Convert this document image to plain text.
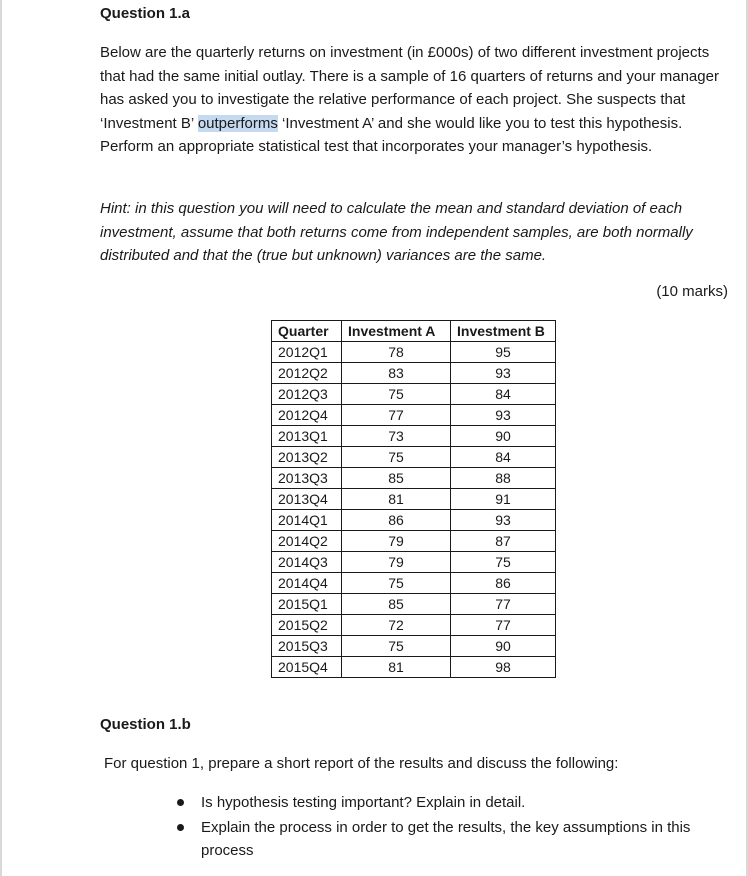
Question 1.a
Below are the quarterly returns on investment (in £000s) of two different investment projects that had the same initial outlay. There is a sample of 16 quarters of returns and your manager has asked you to investigate the relative performance of each project. She suspects that ‘Investment B’ outperforms ‘Investment A’ and she would like you to test this hypothesis. Perform an appropriate statistical test that incorporates your manager’s hypothesis.
Hint: in this question you will need to calculate the mean and standard deviation of each investment, assume that both returns come from independent samples, are both normally distributed and that the (true but unknown) variances are the same.
(10 marks)
Quarter	Investment A	Investment B
2012Q1	78	95
2012Q2	83	93
2012Q3	75	84
2012Q4	77	93
2013Q1	73	90
2013Q2	75	84
2013Q3	85	88
2013Q4	81	91
2014Q1	86	93
2014Q2	79	87
2014Q3	79	75
2014Q4	75	86
2015Q1	85	77
2015Q2	72	77
2015Q3	75	90
2015Q4	81	98
Question 1.b
For question 1, prepare a short report of the results and discuss the following:
Is hypothesis testing important? Explain in detail.
Explain the process in order to get the results, the key assumptions in this process
